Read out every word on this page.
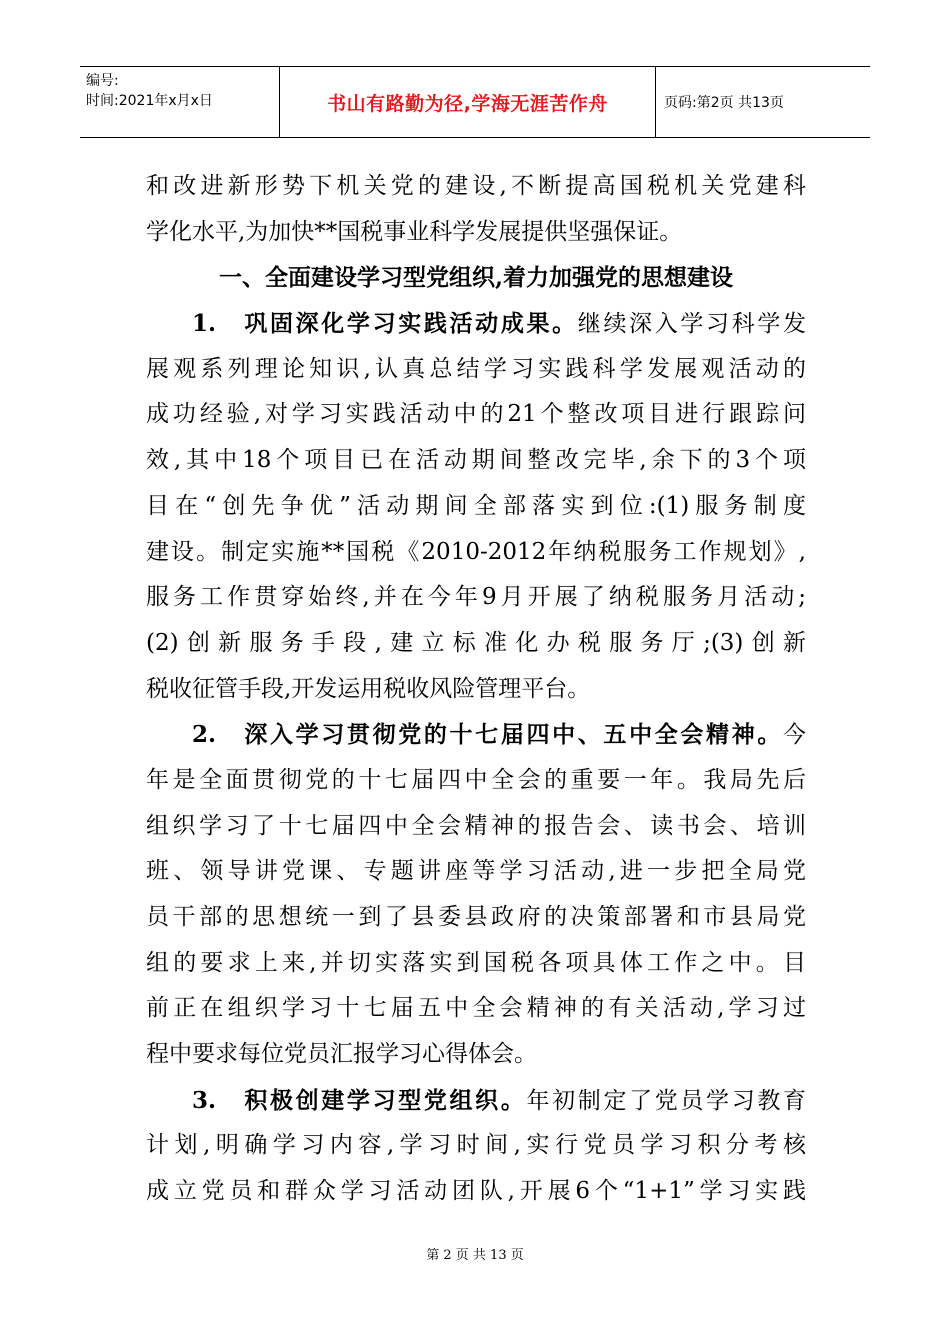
编号:
时间:2021年x月x日	书山有路勤为径,学海无涯苦作舟	页码:第2页 共13页
和改进新形势下机关党的建设,不断提高国税机关党建科
学化水平,为加快**国税事业科学发展提供坚强保证。
一、全面建设学习型党组织,着力加强党的思想建设
1.　巩固深化学习实践活动成果。继续深入学习科学发
展观系列理论知识,认真总结学习实践科学发展观活动的
成功经验,对学习实践活动中的21个整改项目进行跟踪问
效,其中18个项目已在活动期间整改完毕,余下的3个项
目在“创先争优”活动期间全部落实到位:(1)服务制度
建设。制定实施**国税《2010-2012年纳税服务工作规划》,
服务工作贯穿始终,并在今年9月开展了纳税服务月活动;
(2)创新服务手段,建立标准化办税服务厅;(3)创新
税收征管手段,开发运用税收风险管理平台。
2.　深入学习贯彻党的十七届四中、五中全会精神。今
年是全面贯彻党的十七届四中全会的重要一年。我局先后
组织学习了十七届四中全会精神的报告会、读书会、培训
班、领导讲党课、专题讲座等学习活动,进一步把全局党
员干部的思想统一到了县委县政府的决策部署和市县局党
组的要求上来,并切实落实到国税各项具体工作之中。目
前正在组织学习十七届五中全会精神的有关活动,学习过
程中要求每位党员汇报学习心得体会。
3.　积极创建学习型党组织。年初制定了党员学习教育
计划,明确学习内容,学习时间,实行党员学习积分考核
成立党员和群众学习活动团队,开展6个“1+1”学习实践
第 2 页 共 13 页
